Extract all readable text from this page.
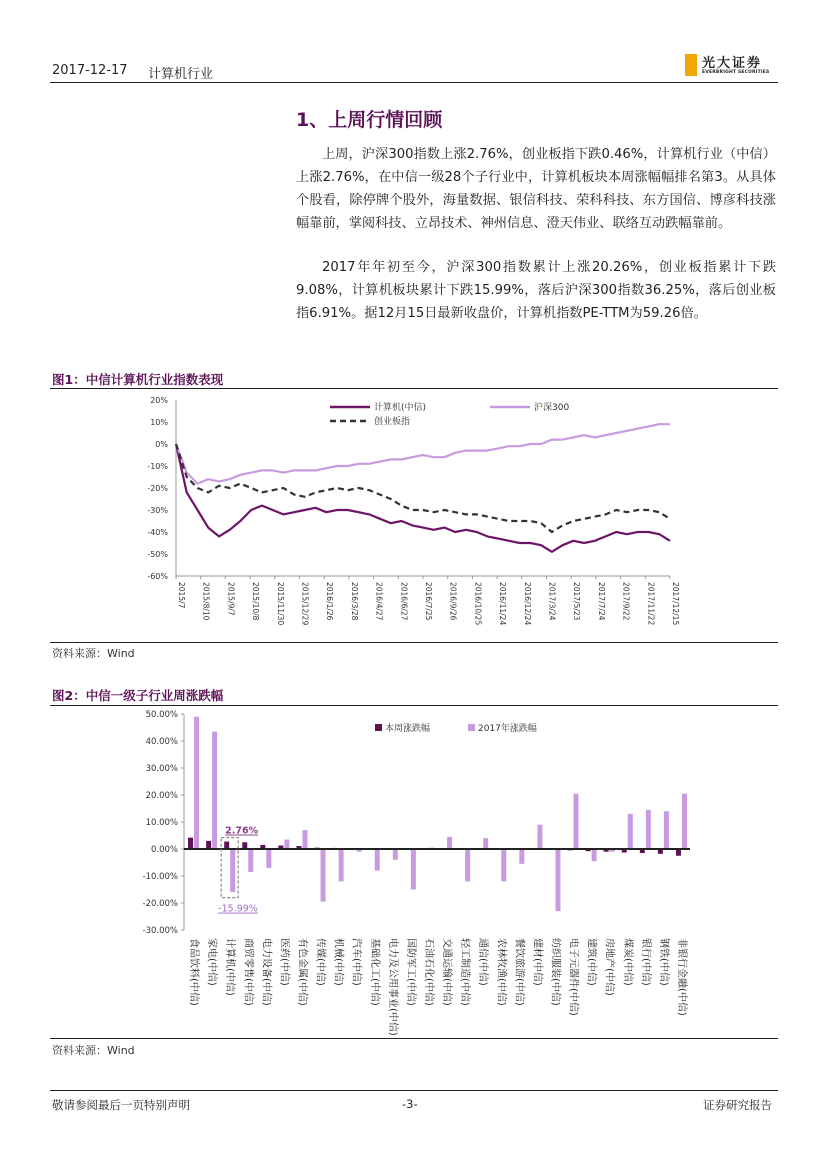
2017-12-17 计算机行业
光大证券
EVERBRIGHT SECURITIES
1、上周行情回顾
上周，沪深300指数上涨2.76%，创业板指下跌0.46%，计算机行业（中信）上涨2.76%，在中信一级28个子行业中，计算机板块本周涨幅幅排名第3。从具体个股看，除停牌个股外，海量数据、银信科技、荣科科技、东方国信、博彦科技涨幅靠前，掌阅科技、立昂技术、神州信息、澄天伟业、联络互动跌幅靠前。
2017年年初至今，沪深300指数累计上涨20.26%，创业板指累计下跌9.08%，计算机板块累计下跌15.99%，落后沪深300指数36.25%，落后创业板指6.91%。据12月15日最新收盘价，计算机指数PE-TTM为59.26倍。
图1：中信计算机行业指数表现
20%
10%
0%
-10%
-20%
-30%
-40%
-50%
-60%
2015/7 2015/8/10 2015/9/7 2015/10/8 2015/11/30 2015/12/29 2016/1/26 2016/3/28 2016/4/27 2016/6/27 2016/7/25 2016/9/26 2016/10/25 2016/11/24 2016/12/24 2017/3/24 2017/5/23 2017/7/24 2017/9/22 2017/11/22 2017/12/15
计算机(中信)	沪深300
创业板指
资料来源：Wind
图2：中信一级子行业周涨跌幅
50.00%
40.00%
30.00%
20.00%
10.00%
0.00%
-10.00%
-20.00%
-30.00%
食品饮料(中信) 家电(中信) 计算机(中信) 商贸零售(中信) 电力设备(中信) 医药(中信) 有色金属(中信) 传媒(中信) 机械(中信) 汽车(中信) 基础化工(中信) 电力及公用事业(中信) 国防军工(中信) 石油石化(中信) 交通运输(中信) 轻工制造(中信) 通信(中信) 农林牧渔(中信) 餐饮旅游(中信) 建材(中信) 纺织服装(中信) 电子元器件(中信) 建筑(中信) 房地产(中信) 煤炭(中信) 银行(中信) 钢铁(中信) 非银行金融(中信)
本周涨跌幅	2017年涨跌幅
2.76%
-15.99%
资料来源：Wind
敬请参阅最后一页特别声明	-3-	证券研究报告
